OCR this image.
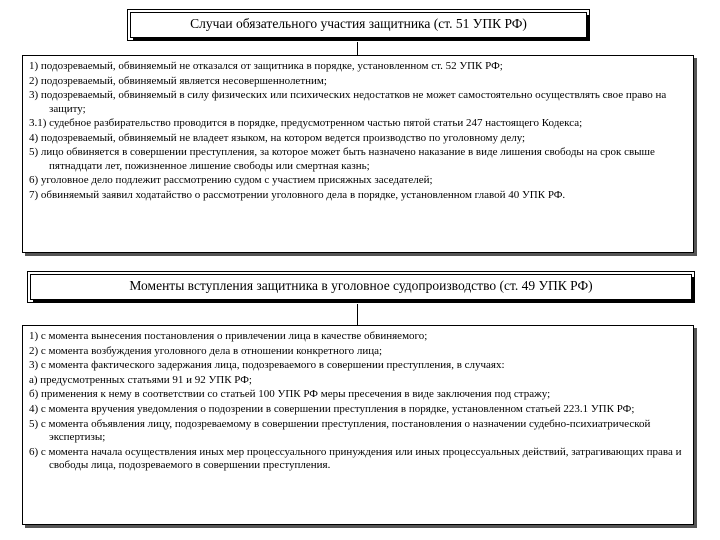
Случаи обязательного участия защитника (ст. 51 УПК РФ)
1) подозреваемый, обвиняемый не отказался от защитника в порядке, установленном ст. 52 УПК РФ;
2) подозреваемый, обвиняемый является несовершеннолетним;
3) подозреваемый, обвиняемый в силу физических или психических недостатков не может самостоятельно осуществлять свое право на защиту;
3.1) судебное разбирательство проводится в порядке, предусмотренном частью пятой статьи 247 настоящего Кодекса;
4) подозреваемый, обвиняемый не владеет языком, на котором ведется производство по уголовному делу;
5) лицо обвиняется в совершении преступления, за которое может быть назначено наказание в виде лишения свободы на срок свыше пятнадцати лет, пожизненное лишение свободы или смертная казнь;
6) уголовное дело подлежит рассмотрению судом с участием присяжных заседателей;
7) обвиняемый заявил ходатайство о рассмотрении уголовного дела в порядке, установленном главой 40 УПК РФ.
Моменты вступления защитника в уголовное судопроизводство (ст. 49 УПК РФ)
1) с момента вынесения постановления о привлечении лица в качестве обвиняемого;
2) с момента возбуждения уголовного дела в отношении конкретного лица;
3) с момента фактического задержания лица, подозреваемого в совершении преступления, в случаях:
а) предусмотренных статьями 91 и 92 УПК РФ;
б) применения к нему в соответствии со статьей 100 УПК РФ меры пресечения в виде заключения под стражу;
4) с момента вручения уведомления о подозрении в совершении преступления в порядке, установленном статьей 223.1 УПК РФ;
5) с момента объявления лицу, подозреваемому в совершении преступления, постановления о назначении судебно-психиатрической экспертизы;
6) с момента начала осуществления иных мер процессуального принуждения или иных процессуальных действий, затрагивающих права и свободы лица, подозреваемого в совершении преступления.
